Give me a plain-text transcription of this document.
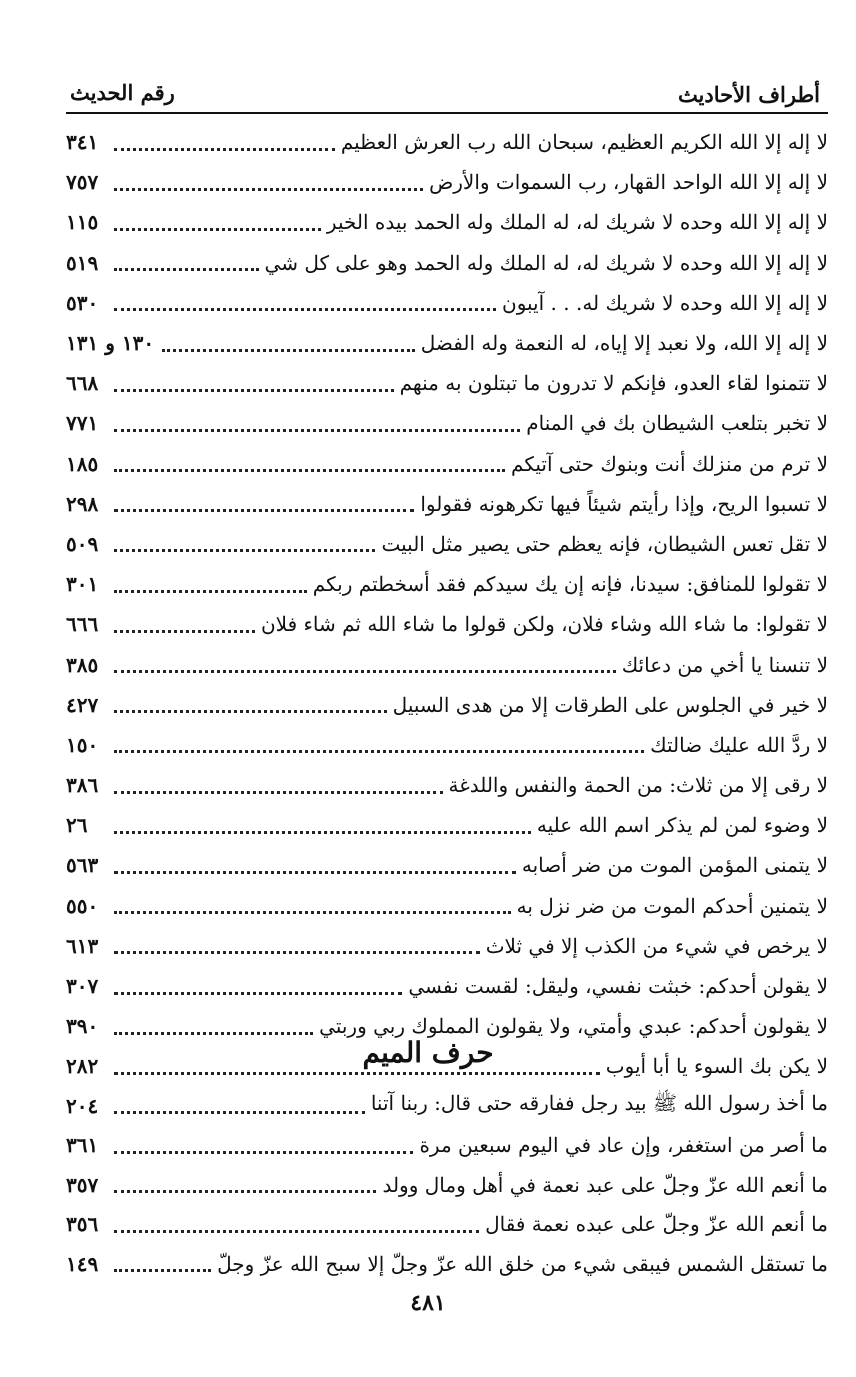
أطراف الأحاديث
رقم الحديث
لا إله إلا الله الكريم العظيم، سبحان الله رب العرش العظيم
٣٤١
لا إله إلا الله الواحد القهار، رب السموات والأرض
٧٥٧
لا إله إلا الله وحده لا شريك له، له الملك وله الحمد بيده الخير
١١٥
لا إله إلا الله وحده لا شريك له، له الملك وله الحمد وهو على كل شي
٥١٩
لا إله إلا الله وحده لا شريك له. . . آيبون
٥٣٠
لا إله إلا الله، ولا نعبد إلا إياه، له النعمة وله الفضل
١٣٠ و ١٣١
لا تتمنوا لقاء العدو، فإنكم لا تدرون ما تبتلون به منهم
٦٦٨
لا تخبر بتلعب الشيطان بك في المنام
٧٧١
لا ترم من منزلك أنت وبنوك حتى آتيكم
١٨٥
لا تسبوا الريح، وإذا رأيتم شيئاً فيها تكرهونه فقولوا
٢٩٨
لا تقل تعس الشيطان، فإنه يعظم حتى يصير مثل البيت
٥٠٩
لا تقولوا للمنافق: سيدنا، فإنه إن يك سيدكم فقد أسخطتم ربكم
٣٠١
لا تقولوا: ما شاء الله وشاء فلان، ولكن قولوا ما شاء الله ثم شاء فلان
٦٦٦
لا تنسنا يا أخي من دعائك
٣٨٥
لا خير في الجلوس على الطرقات إلا من هدى السبيل
٤٢٧
لا ردَّ الله عليك ضالتك
١٥٠
لا رقى إلا من ثلاث: من الحمة والنفس واللدغة
٣٨٦
لا وضوء لمن لم يذكر اسم الله عليه
٢٦
لا يتمنى المؤمن الموت من ضر أصابه
٥٦٣
لا يتمنين أحدكم الموت من ضر نزل به
٥٥٠
لا يرخص في شيء من الكذب إلا في ثلاث
٦١٣
لا يقولن أحدكم: خبثت نفسي، وليقل: لقست نفسي
٣٠٧
لا يقولون أحدكم: عبدي وأمتي، ولا يقولون المملوك ربي وربتي
٣٩٠
لا يكن بك السوء يا أبا أيوب
٢٨٢	حرف الميم
ما أخذ رسول الله ﷺ بيد رجل ففارقه حتى قال: ربنا آتنا
٢٠٤
ما أصر من استغفر، وإن عاد في اليوم سبعين مرة
٣٦١
ما أنعم الله عزّ وجلّ على عبد نعمة في أهل ومال وولد
٣٥٧
ما أنعم الله عزّ وجلّ على عبده نعمة فقال
٣٥٦
ما تستقل الشمس فيبقى شيء من خلق الله عزّ وجلّ إلا سبح الله عزّ وجلّ
١٤٩
٤٨١
